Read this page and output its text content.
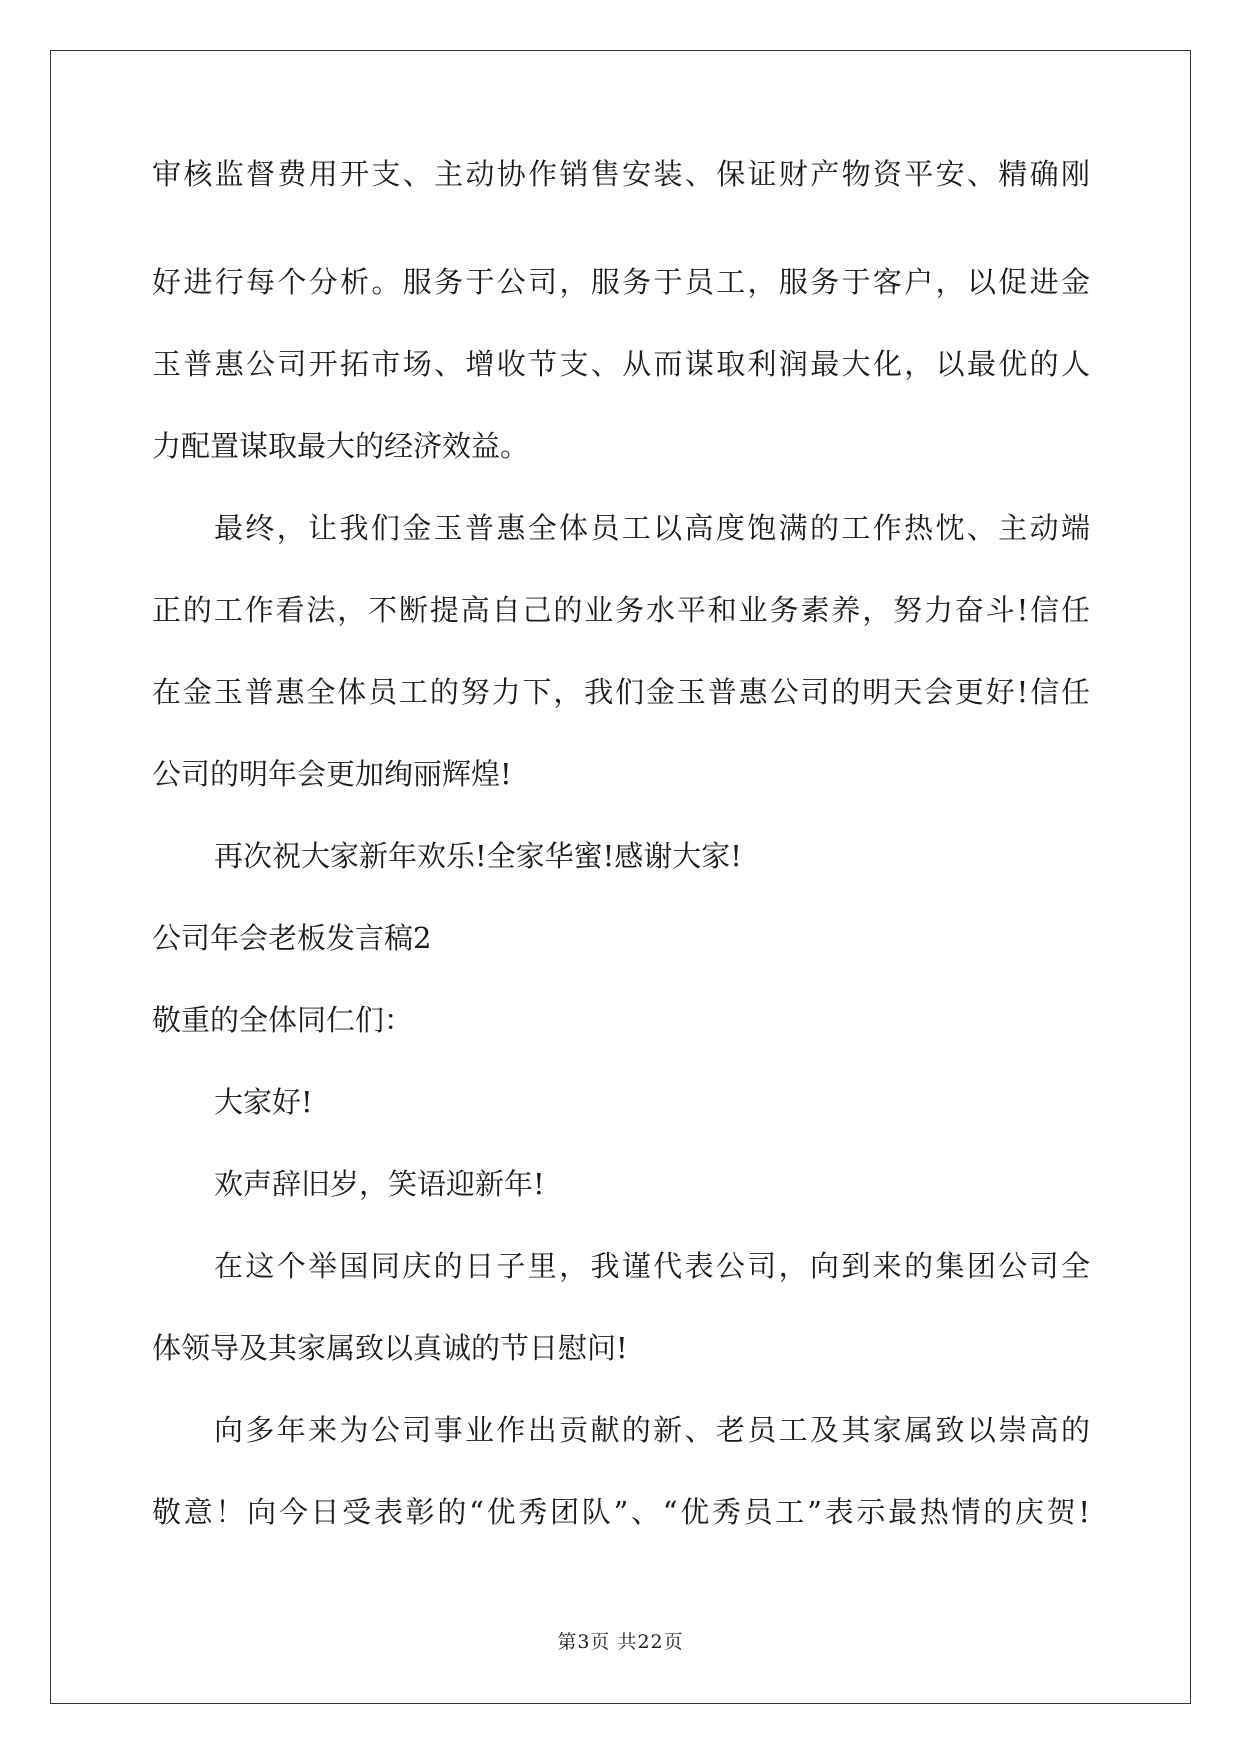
审核监督费用开支、主动协作销售安装、保证财产物资平安、精确刚

好进行每个分析。服务于公司，服务于员工，服务于客户，以促进金

玉普惠公司开拓市场、增收节支、从而谋取利润最大化，以最优的人

力配置谋取最大的经济效益。

最终，让我们金玉普惠全体员工以高度饱满的工作热忱、主动端

正的工作看法，不断提高自己的业务水平和业务素养，努力奋斗!信任

在金玉普惠全体员工的努力下，我们金玉普惠公司的明天会更好!信任

公司的明年会更加绚丽辉煌!

再次祝大家新年欢乐!全家华蜜!感谢大家!

公司年会老板发言稿2

敬重的全体同仁们：

大家好!

欢声辞旧岁，笑语迎新年!

在这个举国同庆的日子里，我谨代表公司，向到来的集团公司全

体领导及其家属致以真诚的节日慰问!

向多年来为公司事业作出贡献的新、老员工及其家属致以崇高的

敬意！向今日受表彰的“优秀团队”、“优秀员工”表示最热情的庆贺!

第3页 共22页
